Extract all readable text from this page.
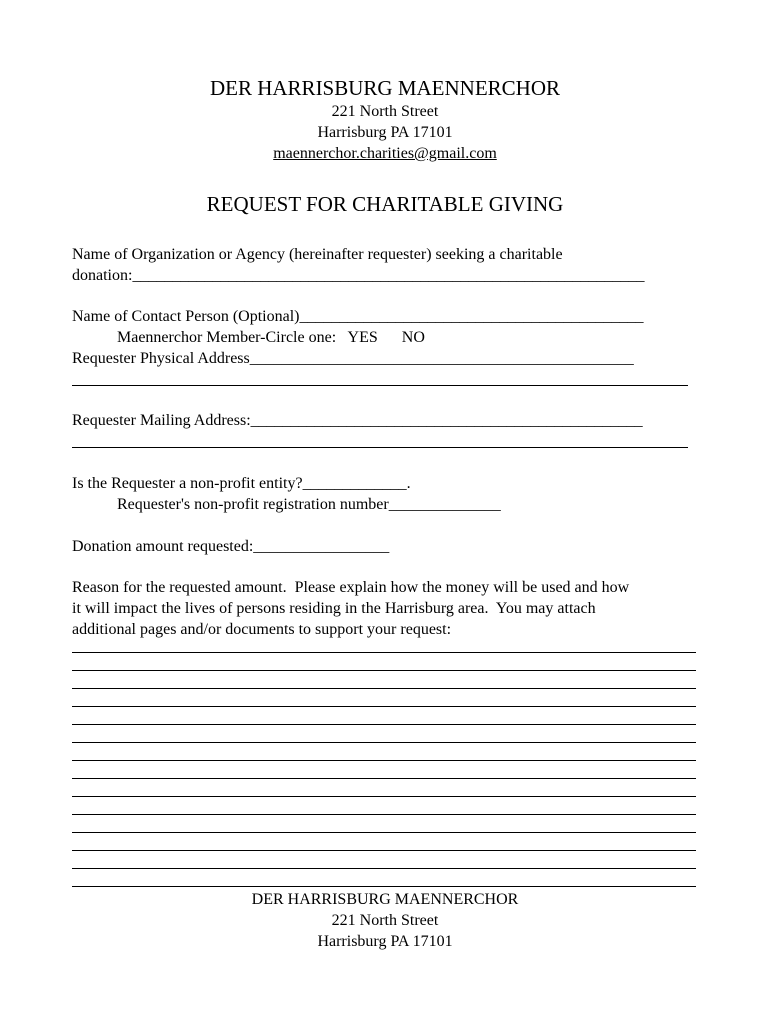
DER HARRISBURG MAENNERCHOR
221 North Street
Harrisburg PA 17101
maennerchor.charities@gmail.com
REQUEST FOR CHARITABLE GIVING
Name of Organization or Agency (hereinafter requester) seeking a charitable
donation:________________________________________________________________
Name of Contact Person (Optional)___________________________________________
Maennerchor Member-Circle one:   YES      NO
Requester Physical Address________________________________________________
Requester Mailing Address:_________________________________________________
Is the Requester a non-profit entity?_____________.
Requester's non-profit registration number______________
Donation amount requested:_________________
Reason for the requested amount.  Please explain how the money will be used and how
it will impact the lives of persons residing in the Harrisburg area.  You may attach
additional pages and/or documents to support your request:
DER HARRISBURG MAENNERCHOR
221 North Street
Harrisburg PA 17101
